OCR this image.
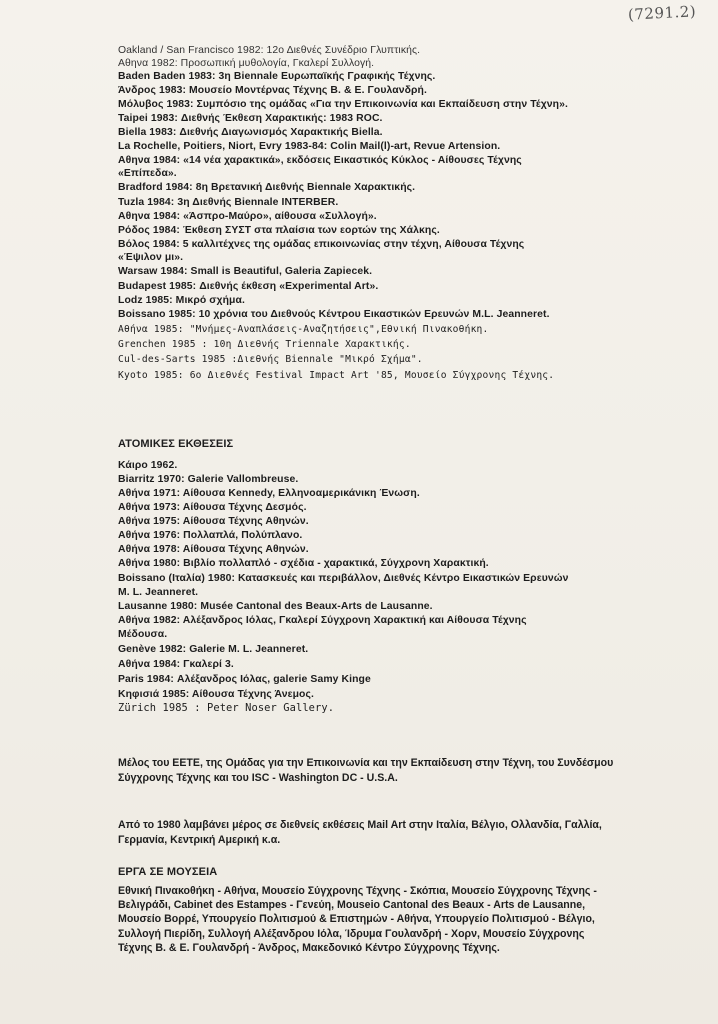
(7291.2)
Oakland / San Francisco 1982: 12ο Διεθνές Συνέδριο Γλυπτικής.
Αθηνα 1982: Προσωπική μυθολογία, Γκαλερί Συλλογή.
Baden Baden 1983: 3η Biennale Ευρωπαϊκής Γραφικής Τέχνης.
Άνδρος 1983: Μουσείο Μοντέρνας Τέχνης Β. & Ε. Γουλανδρή.
Μόλυβος 1983: Συμπόσιο της ομάδας «Για την Επικοινωνία και Εκπαίδευση στην Τέχνη».
Taipei 1983: Διεθνής Έκθεση Χαρακτικής: 1983 ROC.
Biella 1983: Διεθνής Διαγωνισμός Χαρακτικής Biella.
La Rochelle, Poitiers, Niort, Evry 1983-84: Colin Mail(l)-art, Revue Artension.
Αθηνα 1984: «14 νέα χαρακτικά», εκδόσεις Εικαστικός Κύκλος - Αίθουσες Τέχνης
«Επίπεδα».
Bradford 1984: 8η Βρετανική Διεθνής Biennale Χαρακτικής.
Tuzla 1984: 3η Διεθνής Biennale INTERBER.
Αθηνα 1984: «Άσπρο-Μαύρο», αίθουσα «Συλλογή».
Ρόδος 1984: Έκθεση ΣΥΣΤ στα πλαίσια των εορτών της Χάλκης.
Βόλος 1984: 5 καλλιτέχνες της ομάδας επικοινωνίας στην τέχνη, Αίθουσα Τέχνης
«Έψιλον μι».
Warsaw 1984: Small is Beautiful, Galeria Zapiecek.
Budapest 1985: Διεθνής έκθεση «Experimental Art».
Lodz 1985: Μικρό σχήμα.
Boissano 1985: 10 χρόνια του Διεθνούς Κέντρου Εικαστικών Ερευνών M.L. Jeanneret.
Αθήνα 1985: "Μνήμες-Αναπλάσεις-Αναζητήσεις",Εθνική Πινακοθήκη.
Grenchen 1985 : 10η Διεθνής Triennale Χαρακτικής.
Cul-des-Sarts 1985 :Διεθνής Biennale "Μικρό Σχήμα".
Kyoto 1985: 6ο Διεθνές Festival Impact Art '85, Μουσείο Σύγχρονης Τέχνης.
ΑΤΟΜΙΚΕΣ ΕΚΘΕΣΕΙΣ
Κάιρο 1962.
Biarritz 1970: Galerie Vallombreuse.
Αθήνα 1971: Αίθουσα Kennedy, Ελληνοαμερικάνικη Ένωση.
Αθήνα 1973: Αίθουσα Τέχνης Δεσμός.
Αθήνα 1975: Αίθουσα Τέχνης Αθηνών.
Αθήνα 1976: Πολλαπλά, Πολύπλανο.
Αθήνα 1978: Αίθουσα Τέχνης Αθηνών.
Αθήνα 1980: Βιβλίο πολλαπλό - σχέδια - χαρακτικά, Σύγχρονη Χαρακτική.
Boissano (Ιταλία) 1980: Κατασκευές και περιβάλλον, Διεθνές Κέντρο Εικαστικών Ερευνών
M. L. Jeanneret.
Lausanne 1980: Musée Cantonal des Beaux-Arts de Lausanne.
Αθήνα 1982: Αλέξανδρος Ιόλας, Γκαλερί Σύγχρονη Χαρακτική και Αίθουσα Τέχνης
Μέδουσα.
Genève 1982: Galerie M. L. Jeanneret.
Αθήνα 1984: Γκαλερί 3.
Paris 1984: Αλέξανδρος Ιόλας, galerie Samy Kinge
Κηφισιά 1985: Αίθουσα Τέχνης Άνεμος.
Zürich 1985 : Peter Noser Gallery.
Μέλος του ΕΕΤΕ, της Ομάδας για την Επικοινωνία και την Εκπαίδευση στην Τέχνη, του Συνδέσμου Σύγχρονης Τέχνης και του ISC - Washington DC - U.S.A.
Από το 1980 λαμβάνει μέρος σε διεθνείς εκθέσεις Mail Art στην Ιταλία, Βέλγιο, Ολλανδία, Γαλλία, Γερμανία, Κεντρική Αμερική κ.α.
ΕΡΓΑ ΣΕ ΜΟΥΣΕΙΑ
Εθνική Πινακοθήκη - Αθήνα, Μουσείο Σύγχρονης Τέχνης - Σκόπια, Μουσείο Σύγχρονης Τέχνης - Βελιγράδι, Cabinet des Estampes - Γενεύη, Mouseio Cantonal des Beaux - Arts de Lausanne, Μουσείο Βορρέ, Υπουργείο Πολιτισμού & Επιστημών - Αθήνα, Υπουργείο Πολιτισμού - Βέλγιο, Συλλογή Πιερίδη, Συλλογή Αλέξανδρου Ιόλα, Ίδρυμα Γουλανδρή - Χορν, Μουσείο Σύγχρονης Τέχνης Β. & Ε. Γουλανδρή - Άνδρος, Μακεδονικό Κέντρο Σύγχρονης Τέχνης.
